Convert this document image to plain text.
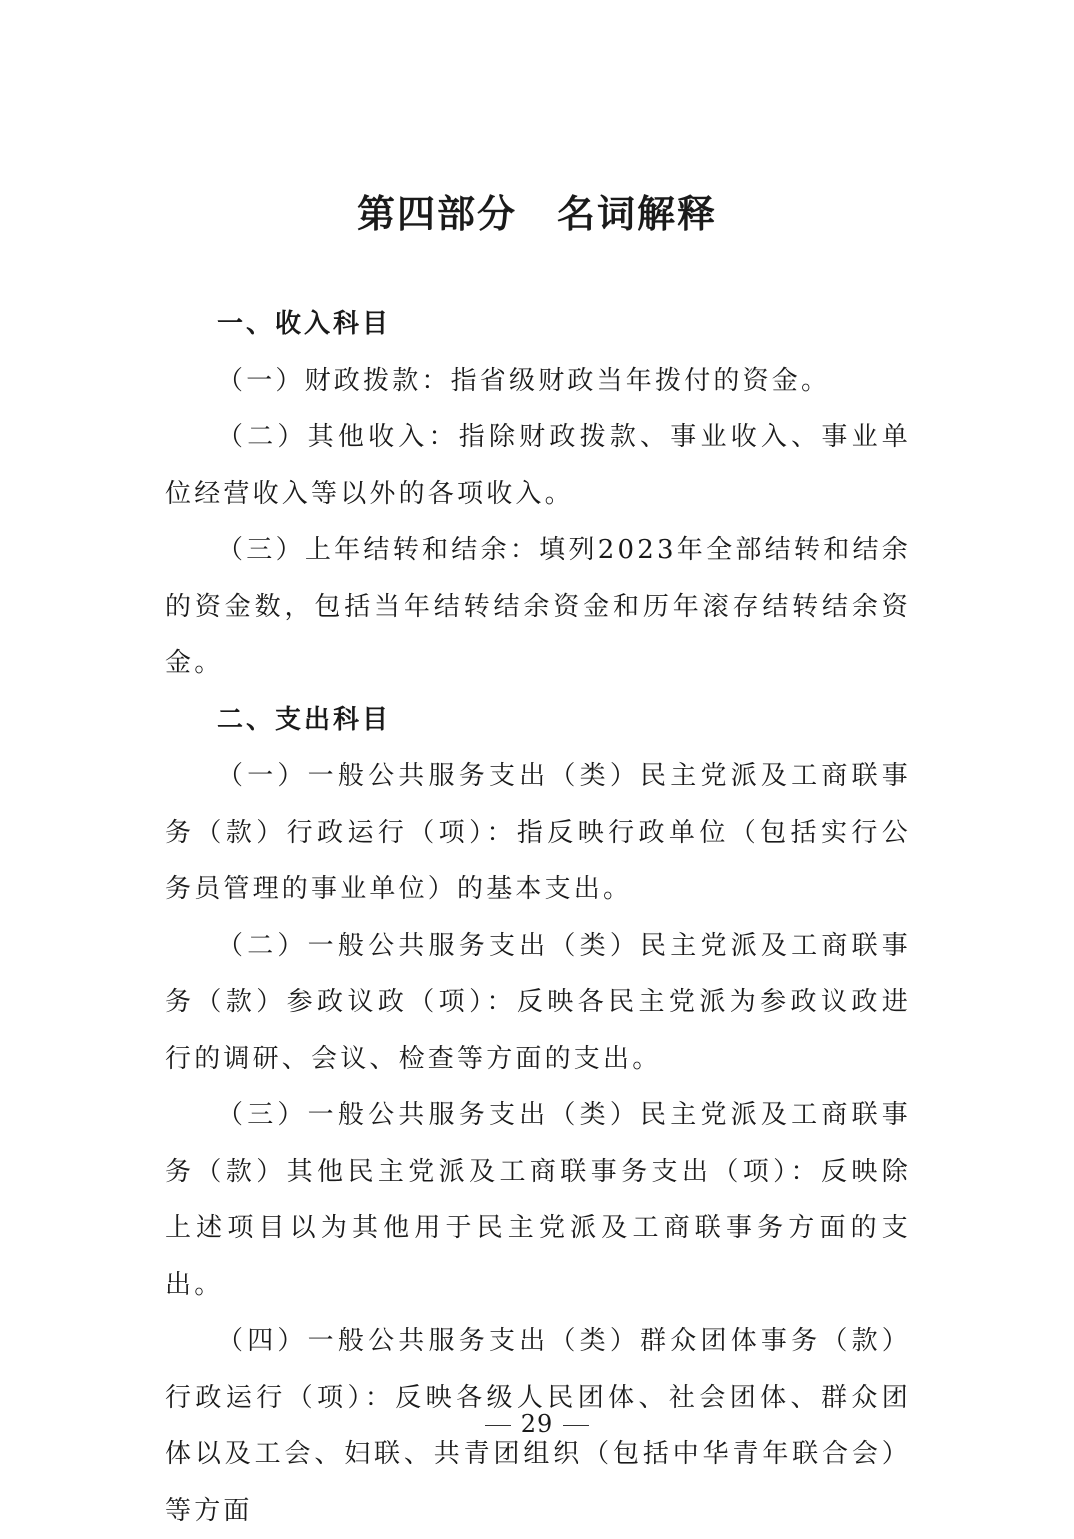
第四部分　名词解释
一、收入科目

（一）财政拨款：指省级财政当年拨付的资金。

（二）其他收入：指除财政拨款、事业收入、事业单位经营收入等以外的各项收入。

（三）上年结转和结余：填列2023年全部结转和结余的资金数，包括当年结转结余资金和历年滚存结转结余资金。

二、支出科目

（一）一般公共服务支出（类）民主党派及工商联事务（款）行政运行（项）：指反映行政单位（包括实行公务员管理的事业单位）的基本支出。

（二）一般公共服务支出（类）民主党派及工商联事务（款）参政议政（项）：反映各民主党派为参政议政进行的调研、会议、检查等方面的支出。

（三）一般公共服务支出（类）民主党派及工商联事务（款）其他民主党派及工商联事务支出（项）：反映除上述项目以为其他用于民主党派及工商联事务方面的支出。

（四）一般公共服务支出（类）群众团体事务（款）行政运行（项）：反映各级人民团体、社会团体、群众团体以及工会、妇联、共青团组织（包括中华青年联合会）等方面

29
